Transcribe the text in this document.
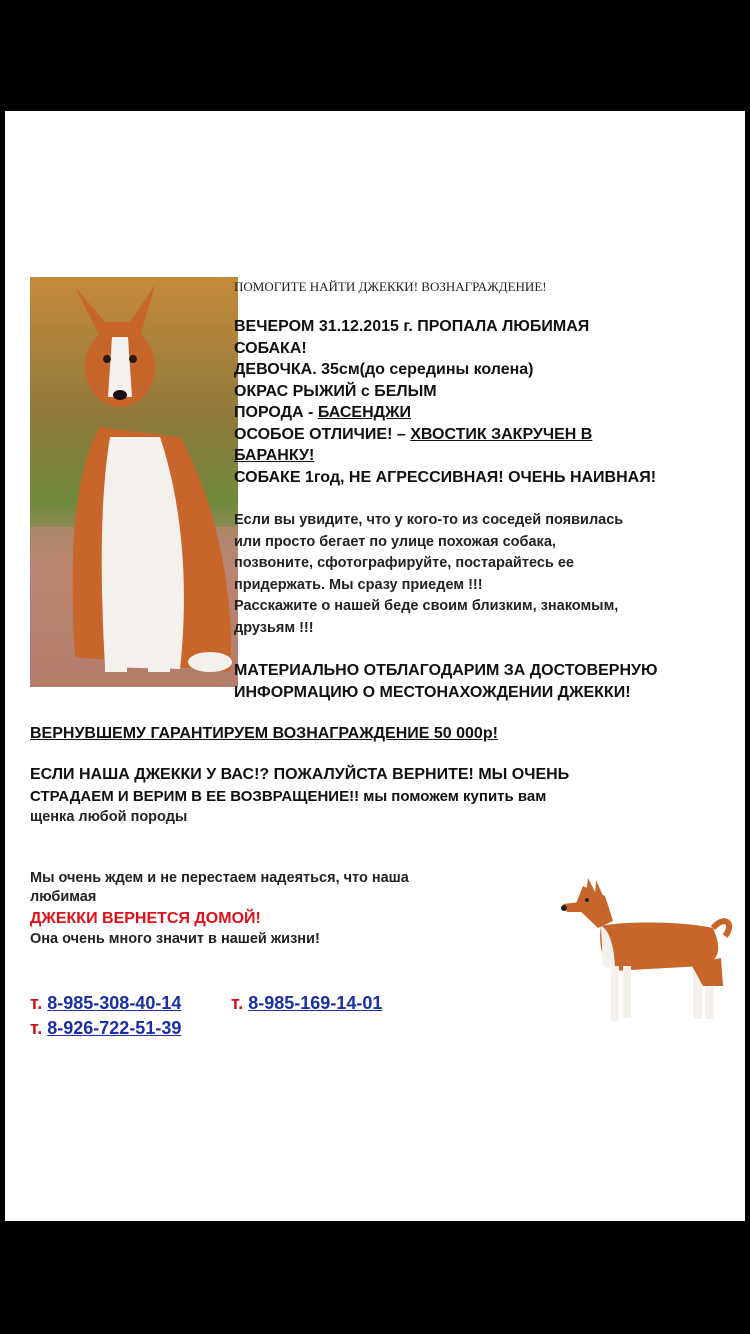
ПОМОГИТЕ НАЙТИ ДЖЕККИ! ВОЗНАГРАЖДЕНИЕ!
ВЕЧЕРОМ 31.12.2015 г. ПРОПАЛА ЛЮБИМАЯ
СОБАКА!
ДЕВОЧКА. 35см(до середины колена)
ОКРАС РЫЖИЙ с БЕЛЫМ
ПОРОДА - БАСЕНДЖИ
ОСОБОЕ ОТЛИЧИЕ! – ХВОСТИК ЗАКРУЧЕН В
БАРАНКУ!
СОБАКЕ 1год, НЕ АГРЕССИВНАЯ! ОЧЕНЬ НАИВНАЯ!
Если вы увидите, что у кого-то из соседей появилась
или просто бегает по улице похожая собака,
позвоните, сфотографируйте, постарайтесь ее
придержать. Мы сразу приедем !!!
Расскажите о нашей беде своим близким, знакомым,
друзьям !!!
МАТЕРИАЛЬНО ОТБЛАГОДАРИМ ЗА ДОСТОВЕРНУЮ
ИНФОРМАЦИЮ О МЕСТОНАХОЖДЕНИИ ДЖЕККИ!
ВЕРНУВШЕМУ ГАРАНТИРУЕМ ВОЗНАГРАЖДЕНИЕ 50 000р!
ЕСЛИ НАША ДЖЕККИ У ВАС!? ПОЖАЛУЙСТА ВЕРНИТЕ! МЫ ОЧЕНЬ
СТРАДАЕМ И ВЕРИМ В ЕЕ ВОЗВРАЩЕНИЕ!! мы поможем купить вам
щенка любой породы
Мы очень ждем и не перестаем надеяться, что наша
любимая
ДЖЕККИ ВЕРНЕТСЯ ДОМОЙ!
Она очень много значит в нашей жизни!
т. 8-985-308-40-14	т. 8-985-169-14-01
т. 8-926-722-51-39
